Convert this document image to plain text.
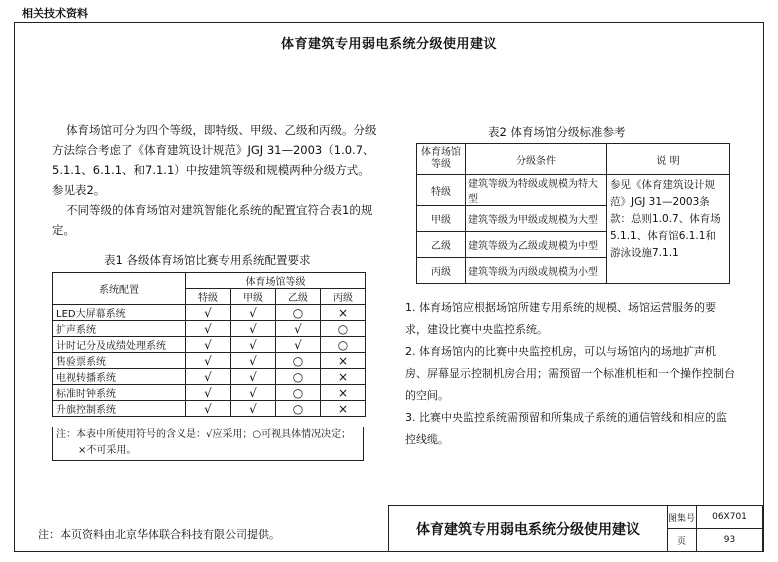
相关技术资料
体育建筑专用弱电系统分级使用建议
体育场馆可分为四个等级，即特级、甲级、乙级和丙级。分级
方法综合考虑了《体育建筑设计规范》JGJ 31—2003（1.0.7、
5.1.1、6.1.1、和7.1.1）中按建筑等级和规模两种分级方式。
参见表2。
不同等级的体育场馆对建筑智能化系统的配置宜符合表1的规定。
表1 各级体育场馆比赛专用系统配置要求
系统配置	体育场馆等级			
	特级	甲级	乙级	丙级
LED大屏幕系统	√	√	○	×
扩声系统	√	√	√	○
计时记分及成绩处理系统	√	√	√	○
售验票系统	√	√	○	×
电视转播系统	√	√	○	×
标准时钟系统	√	√	○	×
升旗控制系统	√	√	○	×
注：本表中所使用符号的含义是：√应采用；○可视具体情况决定；
×不可采用。
表2 体育场馆分级标准参考
体育场馆等级	分级条件	说 明
特级	建筑等级为特级或规模为特大型	参见《体育建筑设计规范》JGJ 31—2003条款：总则1.0.7、体育场5.1.1、体育馆6.1.1和游泳设施7.1.1
甲级	建筑等级为甲级或规模为大型	
乙级	建筑等级为乙级或规模为中型	
丙级	建筑等级为丙级或规模为小型	
1. 体育场馆应根据场馆所建专用系统的规模、场馆运营服务的要求，建设比赛中央监控系统。
2. 体育场馆内的比赛中央监控机房，可以与场馆内的场地扩声机房、屏幕显示控制机房合用；需预留一个标准机柜和一个操作控制台的空间。
3. 比赛中央监控系统需预留和所集成子系统的通信管线和相应的监控线缆。
注：本页资料由北京华体联合科技有限公司提供。	体育建筑专用弱电系统分级使用建议
图集号	06X701
页	93
